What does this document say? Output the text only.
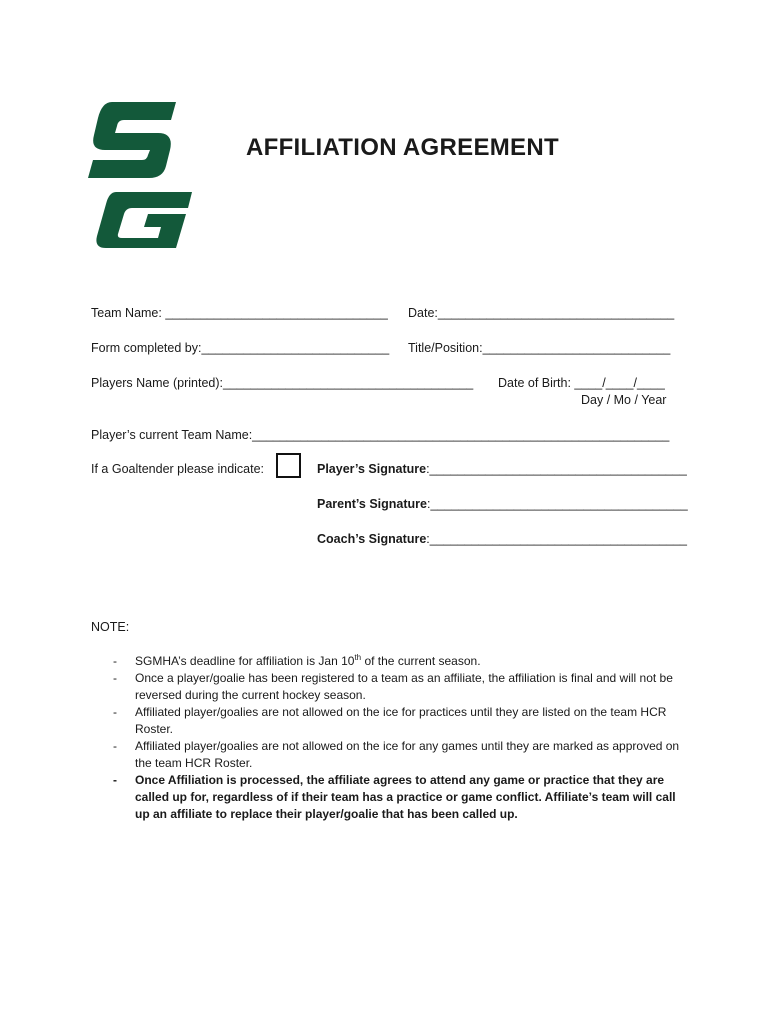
AFFILIATION AGREEMENT
Team Name: ________________________________ Date:__________________________________
Form completed by:___________________________ Title/Position:___________________________
Players Name (printed):____________________________________ Date of Birth: ____/____/____
Day / Mo / Year
Player’s current Team Name:____________________________________________________________
If a Goaltender please indicate:	Player’s Signature:_____________________________________
Parent’s Signature:_____________________________________
Coach’s Signature:_____________________________________
NOTE:
- SGMHA’s deadline for affiliation is Jan 10th of the current season.
- Once a player/goalie has been registered to a team as an affiliate, the affiliation is final and will not be reversed during the current hockey season.
- Affiliated player/goalies are not allowed on the ice for practices until they are listed on the team HCR Roster.
- Affiliated player/goalies are not allowed on the ice for any games until they are marked as approved on the team HCR Roster.
- Once Affiliation is processed, the affiliate agrees to attend any game or practice that they are called up for, regardless of if their team has a practice or game conflict. Affiliate’s team will call up an affiliate to replace their player/goalie that has been called up.
